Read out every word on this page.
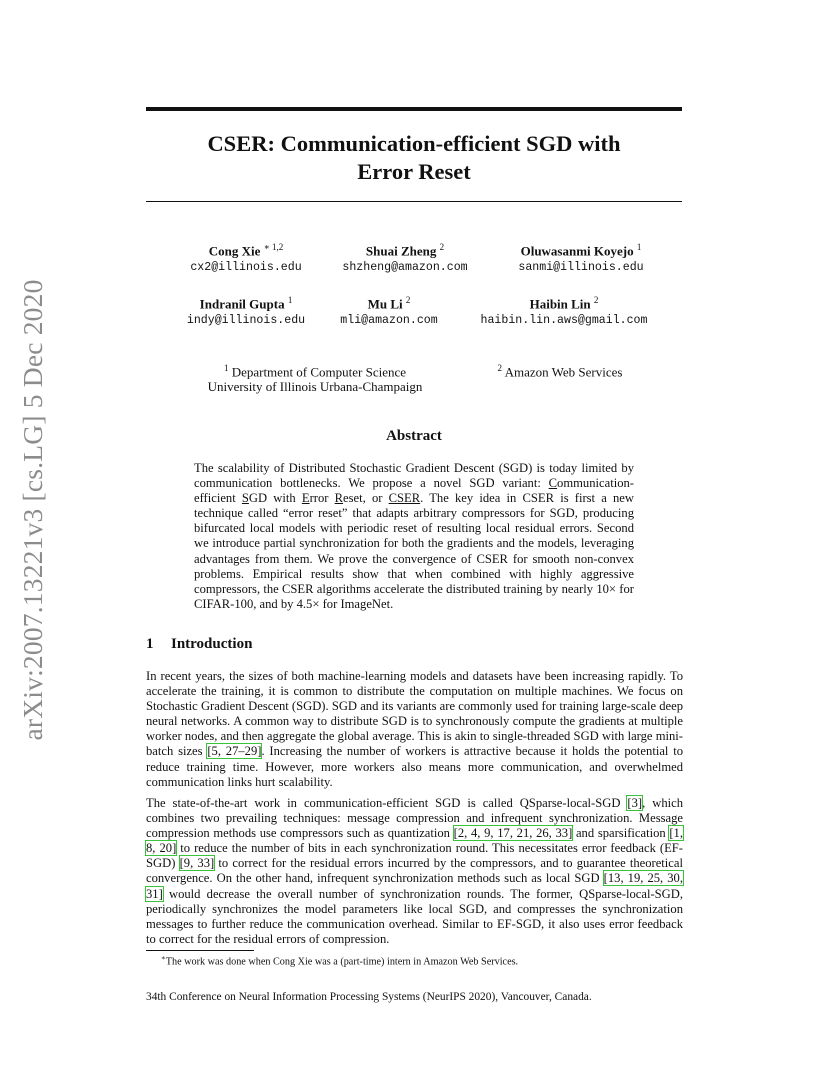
arXiv:2007.13221v3 [cs.LG] 5 Dec 2020
CSER: Communication-efficient SGD with
Error Reset
Cong Xie $^{∗ 1,2}$
cx2@illinois.edu
Shuai Zheng $^2$
shzheng@amazon.com
Oluwasanmi Koyejo $^1$
sanmi@illinois.edu
Indranil Gupta $^1$
indy@illinois.edu
Mu Li $^2$
mli@amazon.com
Haibin Lin $^2$
haibin.lin.aws@gmail.com
$^1$ Department of Computer Science
University of Illinois Urbana-Champaign
$^2$ Amazon Web Services
Abstract
The scalability of Distributed Stochastic Gradient Descent (SGD) is today limited by communication bottlenecks. We propose a novel SGD variant: Communication-efficient SGD with Error Reset, or CSER. The key idea in CSER is first a new technique called “error reset” that adapts arbitrary compressors for SGD, producing bifurcated local models with periodic reset of resulting local residual errors. Second we introduce partial synchronization for both the gradients and the models, leveraging advantages from them. We prove the convergence of CSER for smooth non-convex problems. Empirical results show that when combined with highly aggressive compressors, the CSER algorithms accelerate the distributed training by nearly 10× for CIFAR-100, and by 4.5× for ImageNet.
1 Introduction
In recent years, the sizes of both machine-learning models and datasets have been increasing rapidly. To accelerate the training, it is common to distribute the computation on multiple machines. We focus on Stochastic Gradient Descent (SGD). SGD and its variants are commonly used for training large-scale deep neural networks. A common way to distribute SGD is to synchronously compute the gradients at multiple worker nodes, and then aggregate the global average. This is akin to single-threaded SGD with large mini-batch sizes [5, 27–29]. Increasing the number of workers is attractive because it holds the potential to reduce training time. However, more workers also means more communication, and overwhelmed communication links hurt scalability.
The state-of-the-art work in communication-efficient SGD is called QSparse-local-SGD [3], which combines two prevailing techniques: message compression and infrequent synchronization. Message compression methods use compressors such as quantization [2, 4, 9, 17, 21, 26, 33] and sparsification [1, 8, 20] to reduce the number of bits in each synchronization round. This necessitates error feedback (EF-SGD) [9, 33] to correct for the residual errors incurred by the compressors, and to guarantee theoretical convergence. On the other hand, infrequent synchronization methods such as local SGD [13, 19, 25, 30, 31] would decrease the overall number of synchronization rounds. The former, QSparse-local-SGD, periodically synchronizes the model parameters like local SGD, and compresses the synchronization messages to further reduce the communication overhead. Similar to EF-SGD, it also uses error feedback to correct for the residual errors of compression.
∗The work was done when Cong Xie was a (part-time) intern in Amazon Web Services.
34th Conference on Neural Information Processing Systems (NeurIPS 2020), Vancouver, Canada.
